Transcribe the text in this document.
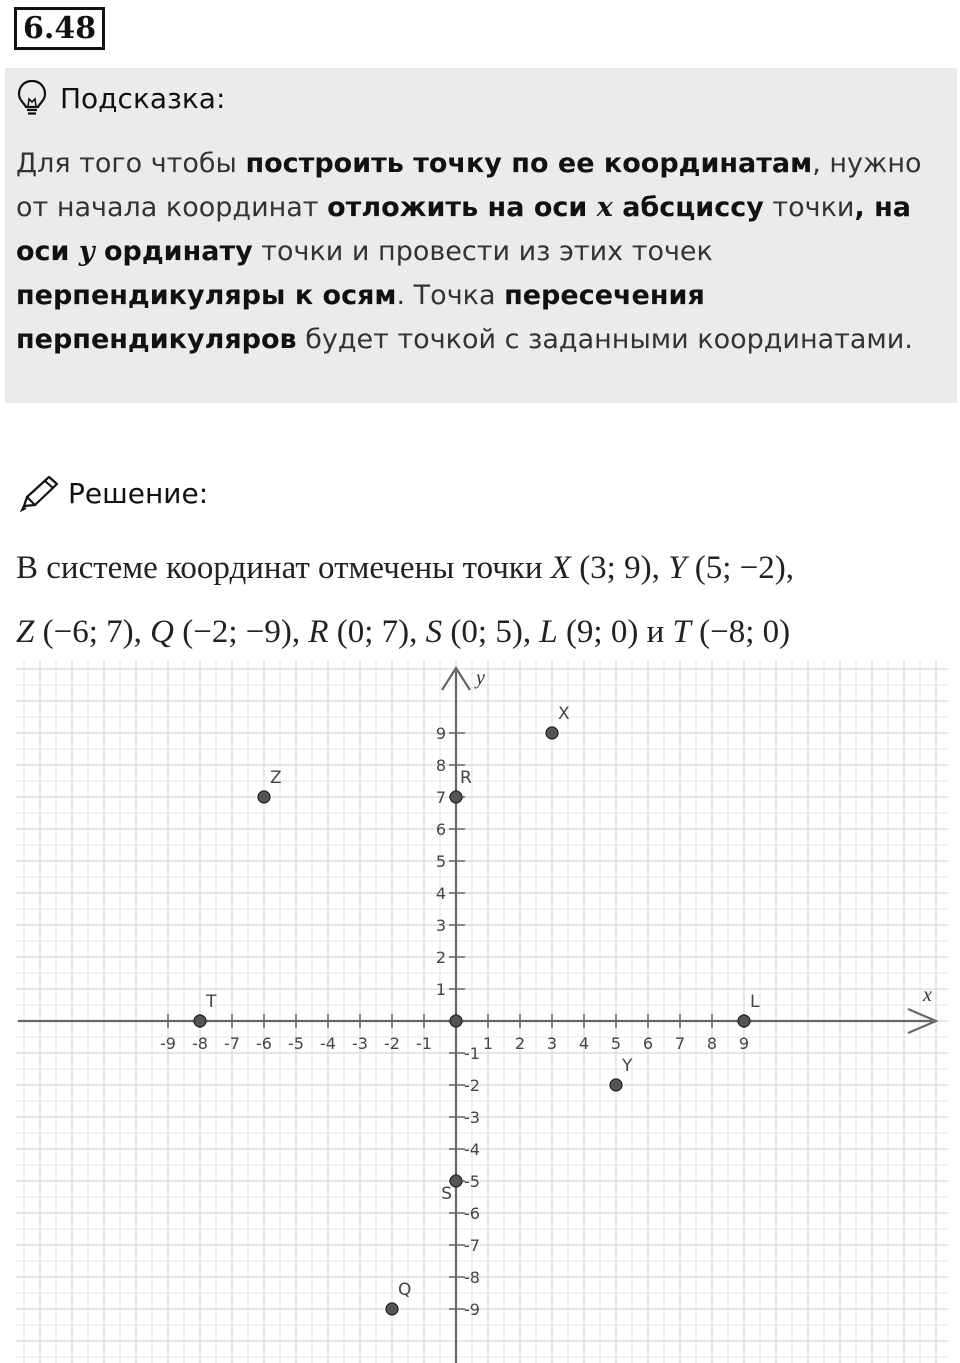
6.48
Подсказка:
Для того чтобы построить точку по ее координатам, нужно от начала координат отложить на оси x абсциссу точки, на оси y ординату точки и провести из этих точек перпендикуляры к осям. Точка пересечения перпендикуляров будет точкой с заданными координатами.
Решение:
В системе координат отмечены точки X (3; 9), Y (5; −2),
Z (−6; 7), Q (−2; −9), R (0; 7), S (0; 5), L (9; 0) и T (−8; 0)
x
y
-9 -8 -7 -6 -5 -4 -3 -2 -1	1 2 3 4 5 6 7 8 9
9
8
7
6
5
4
3
2
1
-1
-2
-3
-4
-5
-6
-7
-8
-9
X
Y
Z
Q
R
S
L
T
